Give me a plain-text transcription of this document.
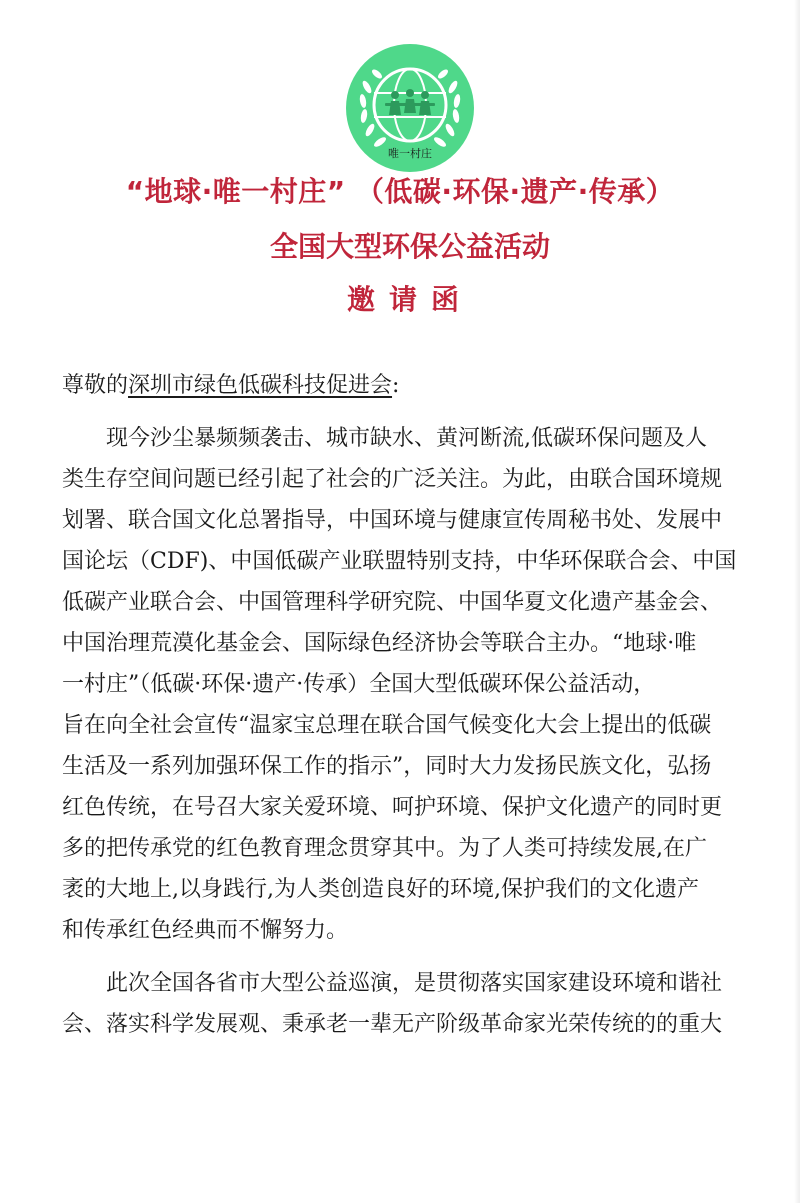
唯一村庄
“地球·唯一村庄” （低碳·环保·遗产·传承）
全国大型环保公益活动
邀请函
尊敬的深圳市绿色低碳科技促进会:
现今沙尘暴频频袭击、城市缺水、黄河断流,低碳环保问题及人
类生存空间问题已经引起了社会的广泛关注。为此，由联合国环境规
划署、联合国文化总署指导，中国环境与健康宣传周秘书处、发展中
国论坛（CDF)、中国低碳产业联盟特别支持，中华环保联合会、中国
低碳产业联合会、中国管理科学研究院、中国华夏文化遗产基金会、
中国治理荒漠化基金会、国际绿色经济协会等联合主办。“地球·唯
一村庄”（低碳·环保·遗产·传承）全国大型低碳环保公益活动，
旨在向全社会宣传“温家宝总理在联合国气候变化大会上提出的低碳
生活及一系列加强环保工作的指示”，同时大力发扬民族文化，弘扬
红色传统，在号召大家关爱环境、呵护环境、保护文化遗产的同时更
多的把传承党的红色教育理念贯穿其中。为了人类可持续发展,在广
袤的大地上,以身践行,为人类创造良好的环境,保护我们的文化遗产
和传承红色经典而不懈努力。
此次全国各省市大型公益巡演，是贯彻落实国家建设环境和谐社
会、落实科学发展观、秉承老一辈无产阶级革命家光荣传统的的重大
